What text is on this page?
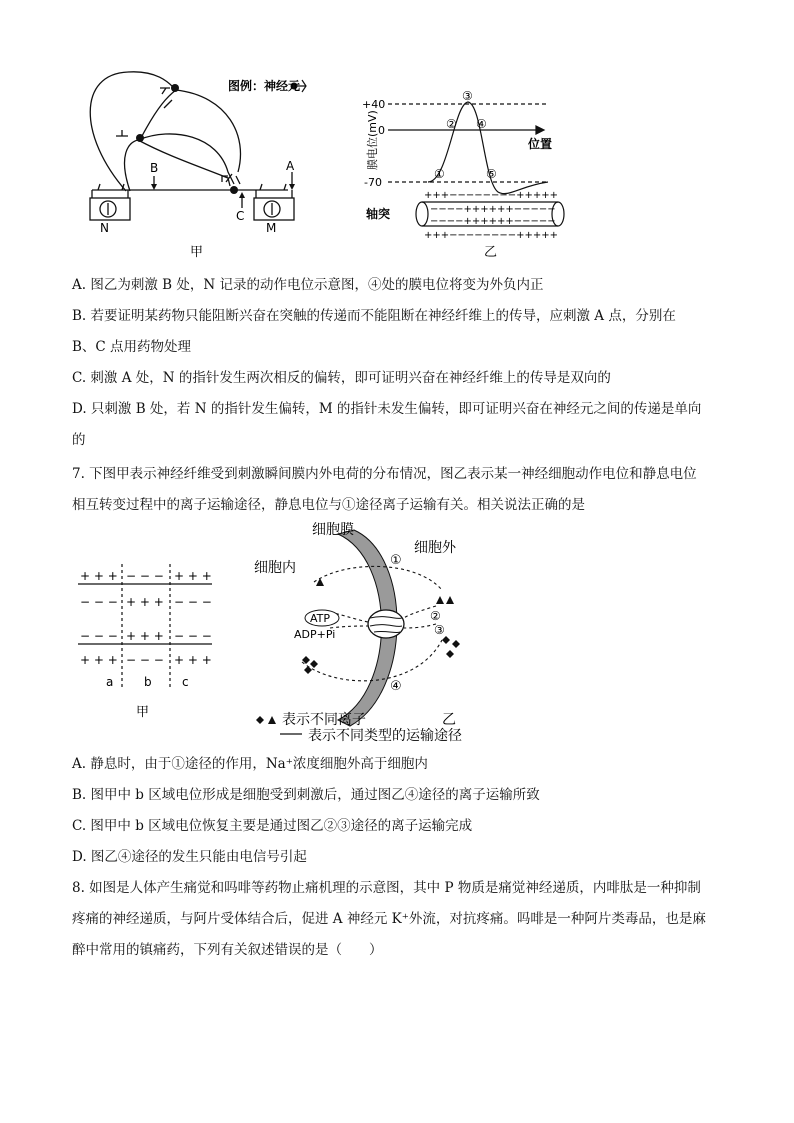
图例：神经元
A
B
C
N	M
甲
膜电位(mV)
+40
0
-70
位置
③
② ④
①	⑤
轴突
+++−−−−−−−−+++++
−−−−++++++−−−−−
−−−−++++++−−−−−
+++−−−−−−−−+++++
乙
A. 图乙为刺激 B 处，N 记录的动作电位示意图，④处的膜电位将变为外负内正
B. 若要证明某药物只能阻断兴奋在突触的传递而不能阻断在神经纤维上的传导，应刺激 A 点，分别在
B、C 点用药物处理
C. 刺激 A 处，N 的指针发生两次相反的偏转，即可证明兴奋在神经纤维上的传导是双向的
D. 只刺激 B 处，若 N 的指针发生偏转，M 的指针未发生偏转，即可证明兴奋在神经元之间的传递是单向
的
7. 下图甲表示神经纤维受到刺激瞬间膜内外电荷的分布情况，图乙表示某一神经细胞动作电位和静息电位
相互转变过程中的离子运输途径，静息电位与①途径离子运输有关。相关说法正确的是
+ + + − − − + + +
− − − + + + − − −
− − − + + + − − −
+ + + − − − + + +
a	b	c
甲
细胞膜
细胞内
细胞外
ATP
ADP+Pi
①
②
③
④
表示不同离子
表示不同类型的运输途径
乙
A. 静息时，由于①途径的作用，Na⁺浓度细胞外高于细胞内
B. 图甲中 b 区域电位形成是细胞受到刺激后，通过图乙④途径的离子运输所致
C. 图甲中 b 区域电位恢复主要是通过图乙②③途径的离子运输完成
D. 图乙④途径的发生只能由电信号引起
8. 如图是人体产生痛觉和吗啡等药物止痛机理的示意图，其中 P 物质是痛觉神经递质，内啡肽是一种抑制
疼痛的神经递质，与阿片受体结合后，促进 A 神经元 K⁺外流，对抗疼痛。吗啡是一种阿片类毒品，也是麻
醉中常用的镇痛药，下列有关叙述错误的是（　　）
